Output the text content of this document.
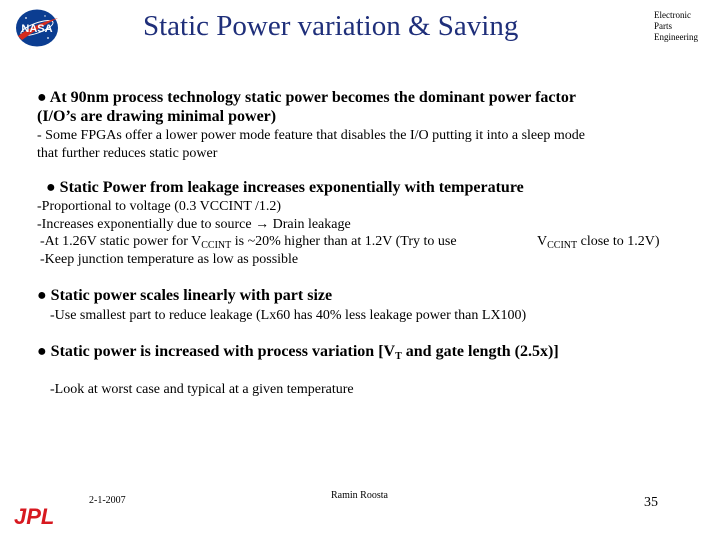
NASA	Static Power variation & Saving	Electronic
Parts
Engineering
● At 90nm process technology static power becomes the dominant power factor
(I/O’s are drawing minimal power)
- Some FPGAs offer a lower power mode feature that disables the I/O putting it into a sleep mode
that further reduces static power
● Static Power from leakage increases exponentially with temperature
-Proportional to voltage (0.3 VCCINT /1.2)
-Increases exponentially due to source → Drain leakage
-At 1.26V static power for $V_{CCINT}$ is ~20% higher than at 1.2V (Try to use	$V_{CCINT}$ close to 1.2V)
-Keep junction temperature as low as possible
● Static power scales linearly with part size
-Use smallest part to reduce leakage (Lx60 has 40% less leakage power than LX100)
● Static power is increased with process variation [$V_T$ and gate length (2.5x)]
-Look at worst case and typical at a given temperature
JPL
2-1-2007	Ramin Roosta	35
